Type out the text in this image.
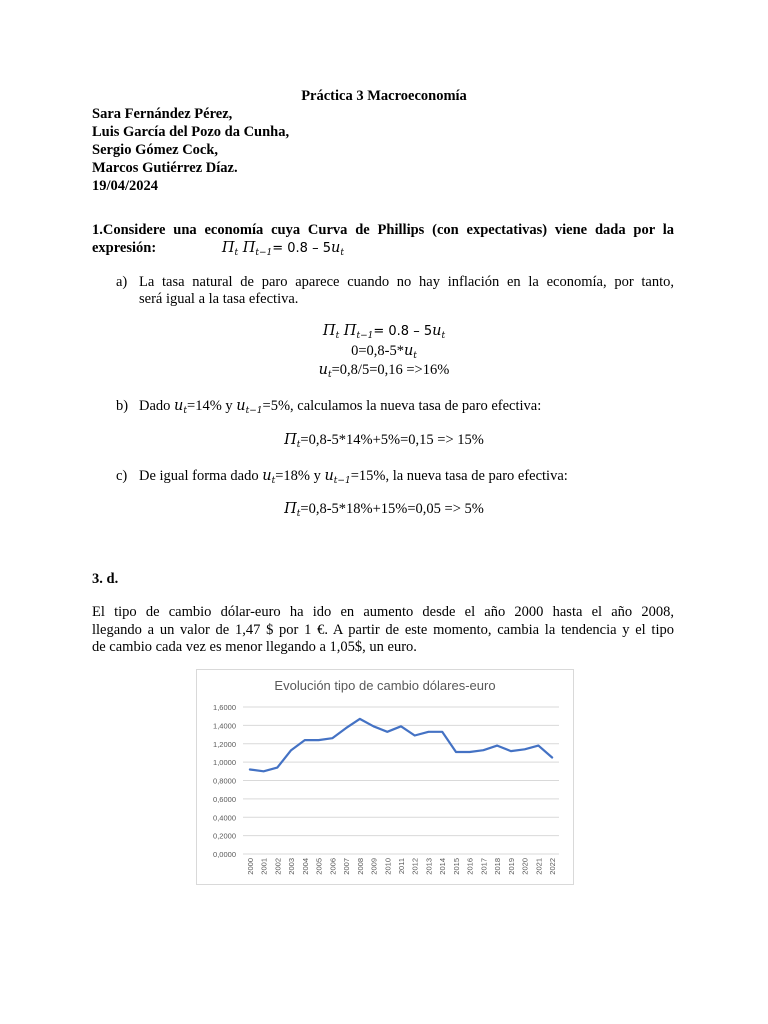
Práctica 3 Macroeconomía
Sara Fernández Pérez,
Luis García del Pozo da Cunha,
Sergio Gómez Cock,
Marcos Gutiérrez Díaz.
19/04/2024
1.Considere una economía cuya Curva de Phillips (con expectativas) viene dada por la
expresión:	$\Pi_t$ $\Pi_{t-1}= 0.8 - 5u_t$
a) La tasa natural de paro aparece cuando no hay inflación en la economía, por tanto,
será igual a la tasa efectiva.
$\Pi_t$ $\Pi_{t-1}= 0.8 - 5u_t$
$0=0,8-5*u_t$
$u_t=0,8/5=0,16 =>16\%$
b) Dado $u_t=14\%$ y $u_{t-1}=5\%$, calculamos la nueva tasa de paro efectiva:
$\Pi_t=0,8-5*14\%+5\%=0,15 => 15\%$
c) De igual forma dado $u_t=18\%$ y $u_{t-1}=15\%$, la nueva tasa de paro efectiva:
$\Pi_t=0,8-5*18\%+15\%=0,05 => 5\%$
3. d.
El tipo de cambio dólar-euro ha ido en aumento desde el año 2000 hasta el año 2008,
llegando a un valor de 1,47 $ por 1 €. A partir de este momento, cambia la tendencia y el tipo
de cambio cada vez es menor llegando a 1,05$, un euro.
Evolución tipo de cambio dólares-euro
0,0000
0,2000
0,4000
0,6000
0,8000
1,0000
1,2000
1,4000
1,6000
2000 2001 2002 2003 2004 2005 2006 2007 2008 2009 2010 2011 2012 2013 2014 2015 2016 2017 2018 2019 2020 2021 2022
